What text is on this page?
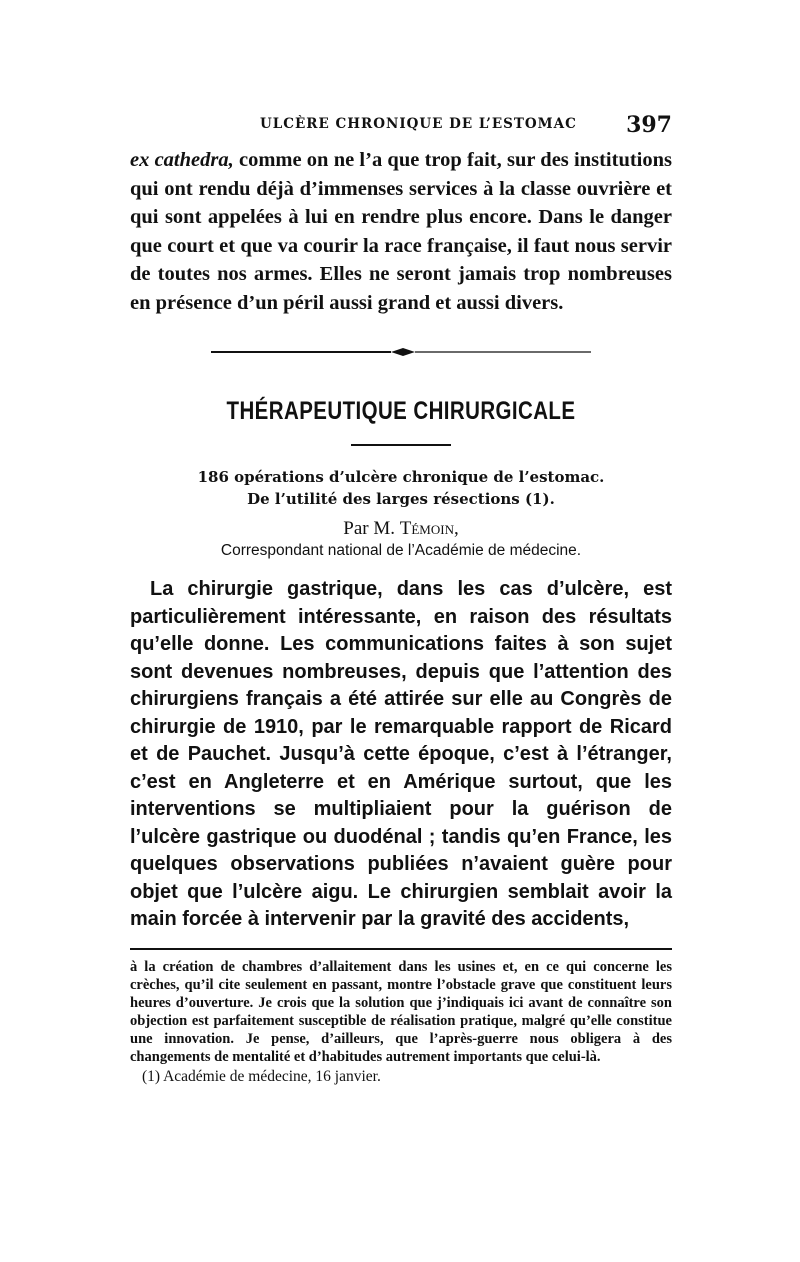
ULCÈRE CHRONIQUE DE L’ESTOMAC 397

ex cathedra, comme on ne l’a que trop fait, sur des institutions qui ont rendu déjà d’immenses services à la classe ouvrière et qui sont appelées à lui en rendre plus encore. Dans le danger que court et que va courir la race française, il faut nous servir de toutes nos armes. Elles ne seront jamais trop nombreuses en présence d’un péril aussi grand et aussi divers.

THÉRAPEUTIQUE CHIRURGICALE

186 opérations d’ulcère chronique de l’estomac.

De l’utilité des larges résections (1).

Par M. Témoin,

Correspondant national de l’Académie de médecine.

La chirurgie gastrique, dans les cas d’ulcère, est particulièrement intéressante, en raison des résultats qu’elle donne. Les communications faites à son sujet sont devenues nombreuses, depuis que l’attention des chirurgiens français a été attirée sur elle au Congrès de chirurgie de 1910, par le remarquable rapport de Ricard et de Pauchet. Jusqu’à cette époque, c’est à l’étranger, c’est en Angleterre et en Amérique surtout, que les interventions se multipliaient pour la guérison de l’ulcère gastrique ou duodénal ; tandis qu’en France, les quelques observations publiées n’avaient guère pour objet que l’ulcère aigu. Le chirurgien semblait avoir la main forcée à intervenir par la gravité des accidents,

à la création de chambres d’allaitement dans les usines et, en ce qui concerne les crèches, qu’il cite seulement en passant, montre l’obstacle grave que constituent leurs heures d’ouverture. Je crois que la solution que j’indiquais ici avant de connaître son objection est parfaitement susceptible de réalisation pratique, malgré qu’elle constitue une innovation. Je pense, d’ailleurs, que l’après-guerre nous obligera à des changements de mentalité et d’habitudes autrement importants que celui-là.

(1) Académie de médecine, 16 janvier.
